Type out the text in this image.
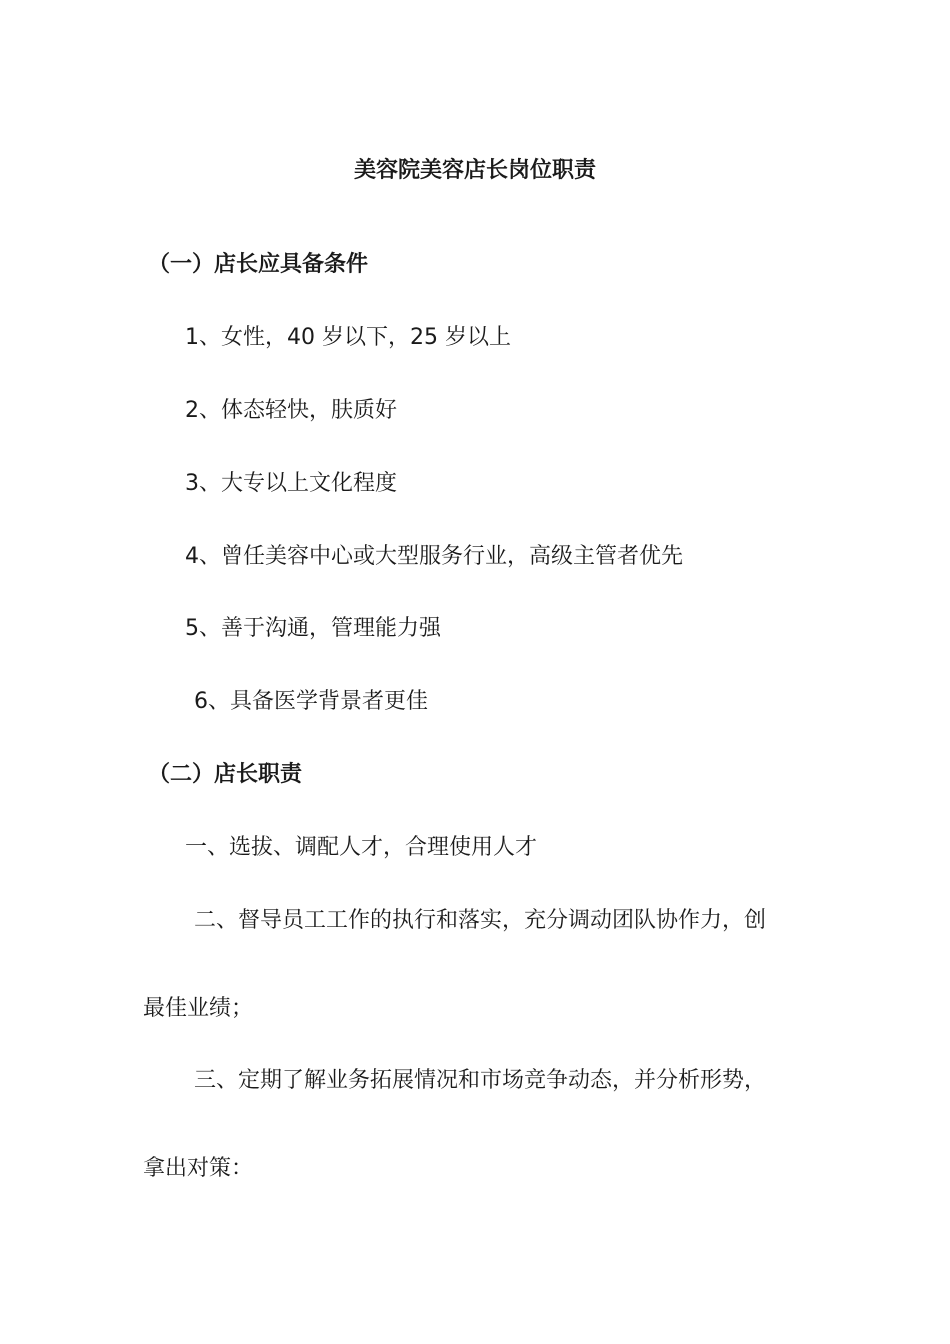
美容院美容店长岗位职责
（一）店长应具备条件
1、女性，40 岁以下，25 岁以上
2、体态轻快，肤质好
3、大专以上文化程度
4、曾任美容中心或大型服务行业，高级主管者优先
5、善于沟通，管理能力强
6、具备医学背景者更佳
（二）店长职责
一、选拔、调配人才，合理使用人才
二、督导员工工作的执行和落实，充分调动团队协作力，创
最佳业绩；
三、定期了解业务拓展情况和市场竞争动态，并分析形势，
拿出对策：
